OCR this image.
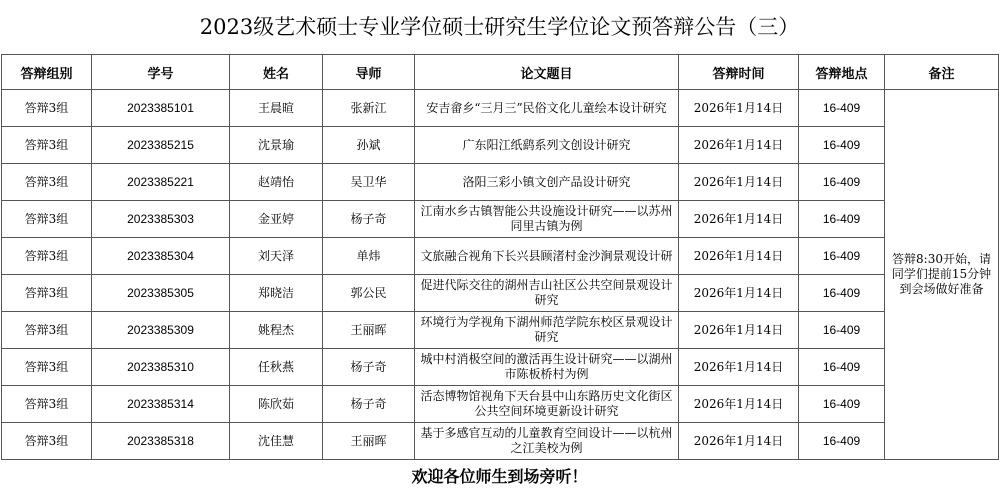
2023级艺术硕士专业学位硕士研究生学位论文预答辩公告（三）
答辩组别	学号	姓名	导师	论文题目	答辩时间	答辩地点	备注
答辩3组	2023385101	王晨暄	张新江	安吉畲乡“三月三”民俗文化儿童绘本设计研究	2026年1月14日	16-409	答辩8:30开始，请同学们提前15分钟到会场做好准备
答辩3组	2023385215	沈景瑜	孙斌	广东阳江纸鹞系列文创设计研究	2026年1月14日	16-409	
答辩3组	2023385221	赵靖怡	吴卫华	洛阳三彩小镇文创产品设计研究	2026年1月14日	16-409	
答辩3组	2023385303	金亚婷	杨子奇	江南水乡古镇智能公共设施设计研究——以苏州同里古镇为例	2026年1月14日	16-409	
答辩3组	2023385304	刘天泽	单炜	文旅融合视角下长兴县顾渚村金沙涧景观设计研	2026年1月14日	16-409	
答辩3组	2023385305	郑晓洁	郭公民	促进代际交往的湖州吉山社区公共空间景观设计研究	2026年1月14日	16-409	
答辩3组	2023385309	姚程杰	王丽晖	环境行为学视角下湖州师范学院东校区景观设计研究	2026年1月14日	16-409	
答辩3组	2023385310	任秋燕	杨子奇	城中村消极空间的激活再生设计研究——以湖州市陈板桥村为例	2026年1月14日	16-409	
答辩3组	2023385314	陈欣茹	杨子奇	活态博物馆视角下天台县中山东路历史文化街区公共空间环境更新设计研究	2026年1月14日	16-409	
答辩3组	2023385318	沈佳慧	王丽晖	基于多感官互动的儿童教育空间设计——以杭州之江美校为例	2026年1月14日	16-409	
欢迎各位师生到场旁听！
